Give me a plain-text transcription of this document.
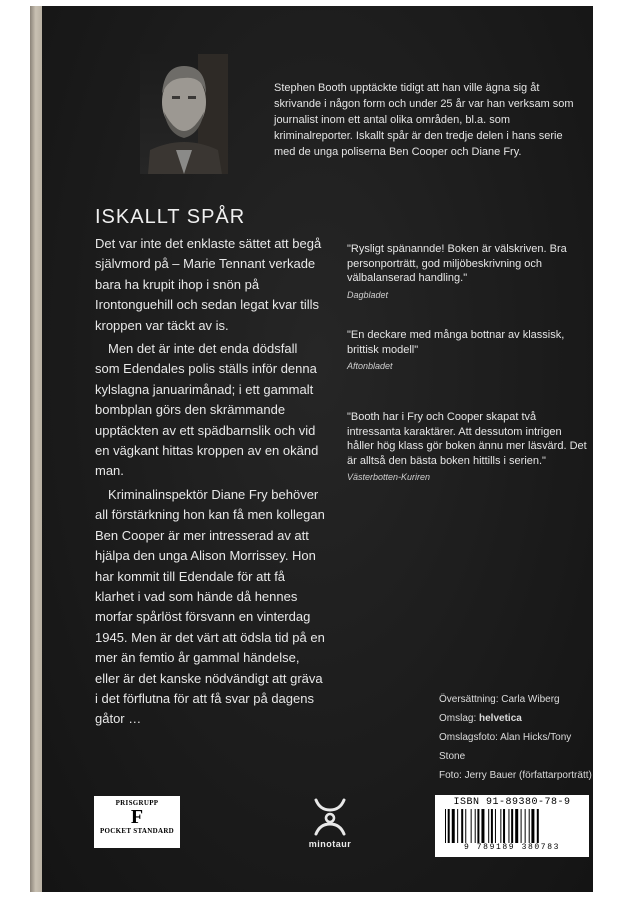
Stephen Booth upptäckte tidigt att han ville ägna sig åt skrivande i någon form och under 25 år var han verksam som journalist inom ett antal olika områden, bl.a. som kriminalreporter. Iskallt spår är den tredje delen i hans serie med de unga poliserna Ben Cooper och Diane Fry.
ISKALLT SPÅR

Det var inte det enklaste sättet att begå självmord på – Marie Tennant verkade bara ha krupit ihop i snön på Irontonguehill och sedan legat kvar tills kroppen var täckt av is.

Men det är inte det enda dödsfall som Edendales polis ställs inför denna kylslagna januarimånad; i ett gammalt bombplan görs den skrämmande upptäckten av ett spädbarnslik och vid en vägkant hittas kroppen av en okänd man.

Kriminalinspektör Diane Fry behöver all förstärkning hon kan få men kollegan Ben Cooper är mer intresserad av att hjälpa den unga Alison Morrissey. Hon har kommit till Edendale för att få klarhet i vad som hände då hennes morfar spårlöst försvann en vinterdag 1945. Men är det värt att ödsla tid på en mer än femtio år gammal händelse, eller är det kanske nödvändigt att gräva i det förflutna för att få svar på dagens gåtor …

"Rysligt spänannde! Boken är välskriven. Bra personporträtt, god miljöbeskrivning och välbalanserad handling."
Dagbladet
"En deckare med många bottnar av klassisk, brittisk modell"
Aftonbladet
"Booth har i Fry och Cooper skapat två intressanta karaktärer. Att dessutom intrigen håller hög klass gör boken ännu mer läsvärd. Det är alltså den bästa boken hittills i serien."
Västerbotten-Kuriren
Översättning: Carla Wiberg
Omslag: helvetica
Omslagsfoto: Alan Hicks/Tony Stone
Foto: Jerry Bauer (författarporträtt)
PRISGRUPP
F
POCKET STANDARD
minotaur
ISBN 91-89380-78-9
9 789189 380783
